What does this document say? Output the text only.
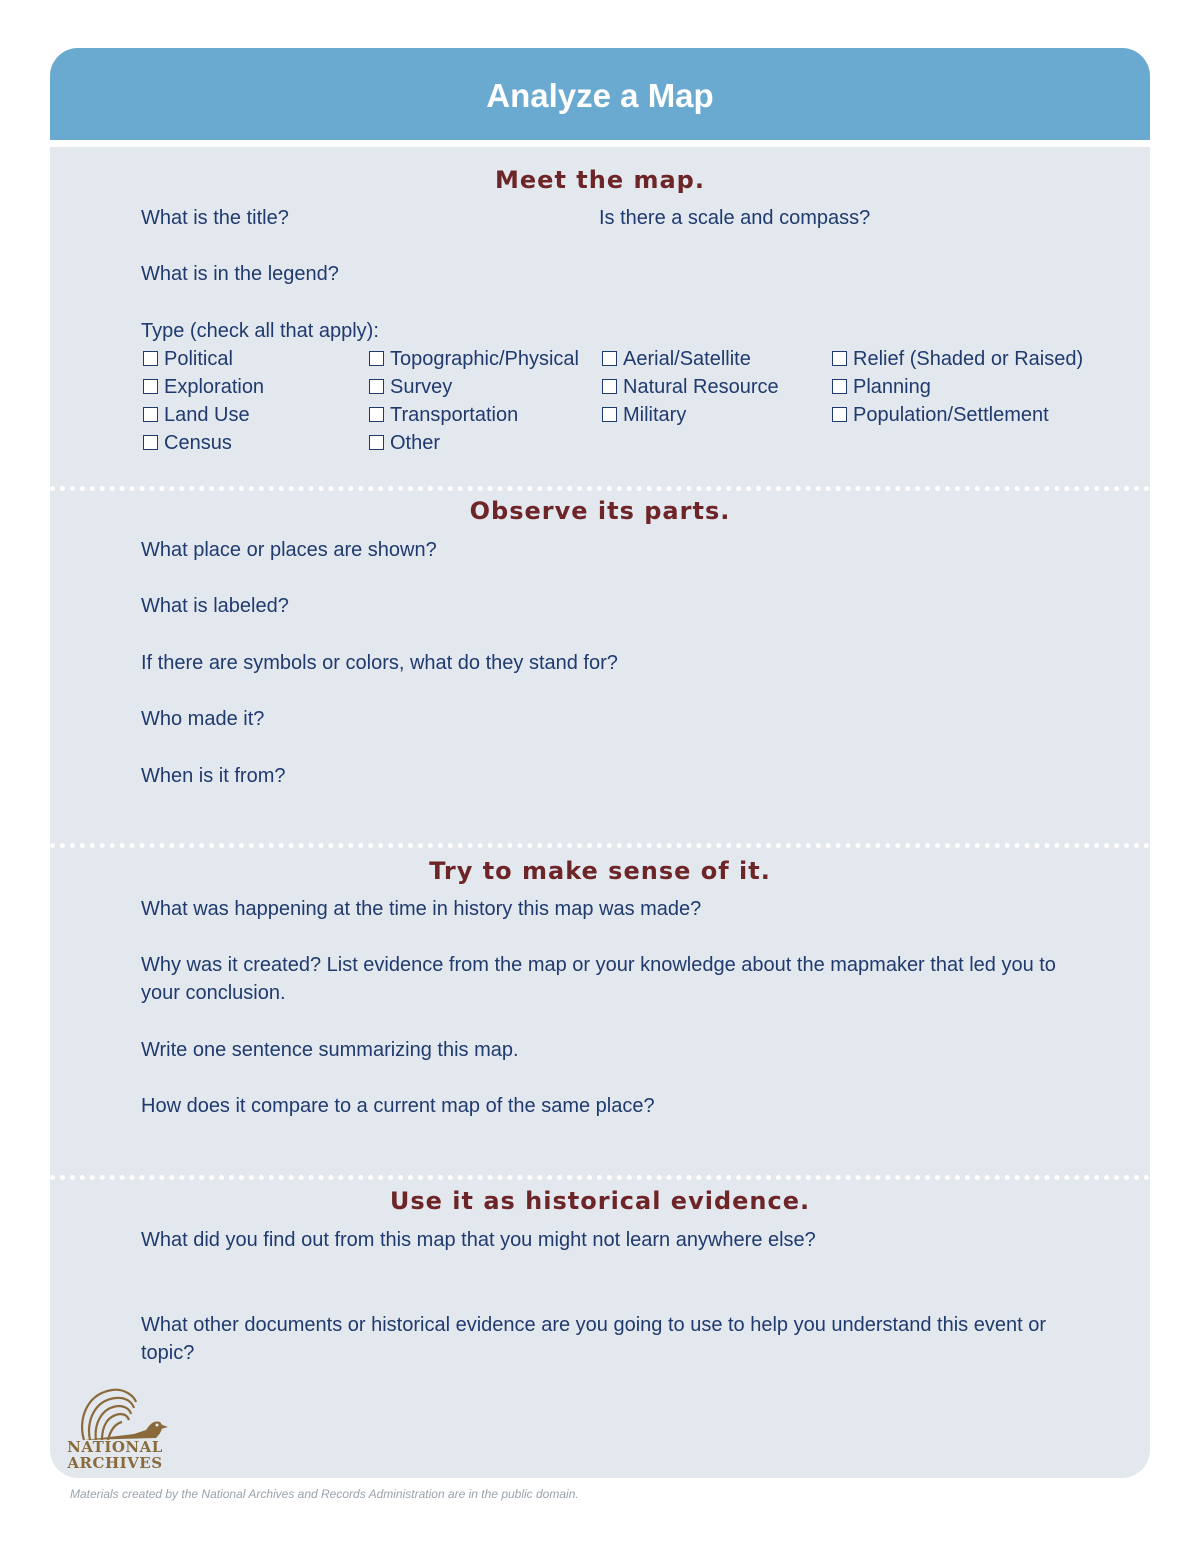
Analyze a Map
Meet the map.
What is the title?	Is there a scale and compass?
What is in the legend?
Type (check all that apply):
Political
Exploration
Land Use
Census
Topographic/Physical
Survey
Transportation
Other
Aerial/Satellite
Natural Resource
Military
Relief (Shaded or Raised)
Planning
Population/Settlement
Observe its parts.
What place or places are shown?
What is labeled?
If there are symbols or colors, what do they stand for?
Who made it?
When is it from?
Try to make sense of it.
What was happening at the time in history this map was made?
Why was it created? List evidence from the map or your knowledge about the mapmaker that led you to your conclusion.
Write one sentence summarizing this map.
How does it compare to a current map of the same place?
Use it as historical evidence.
What did you find out from this map that you might not learn anywhere else?
What other documents or historical evidence are you going to use to help you understand this event or topic?
NATIONAL
ARCHIVES
Materials created by the National Archives and Records Administration are in the public domain.
